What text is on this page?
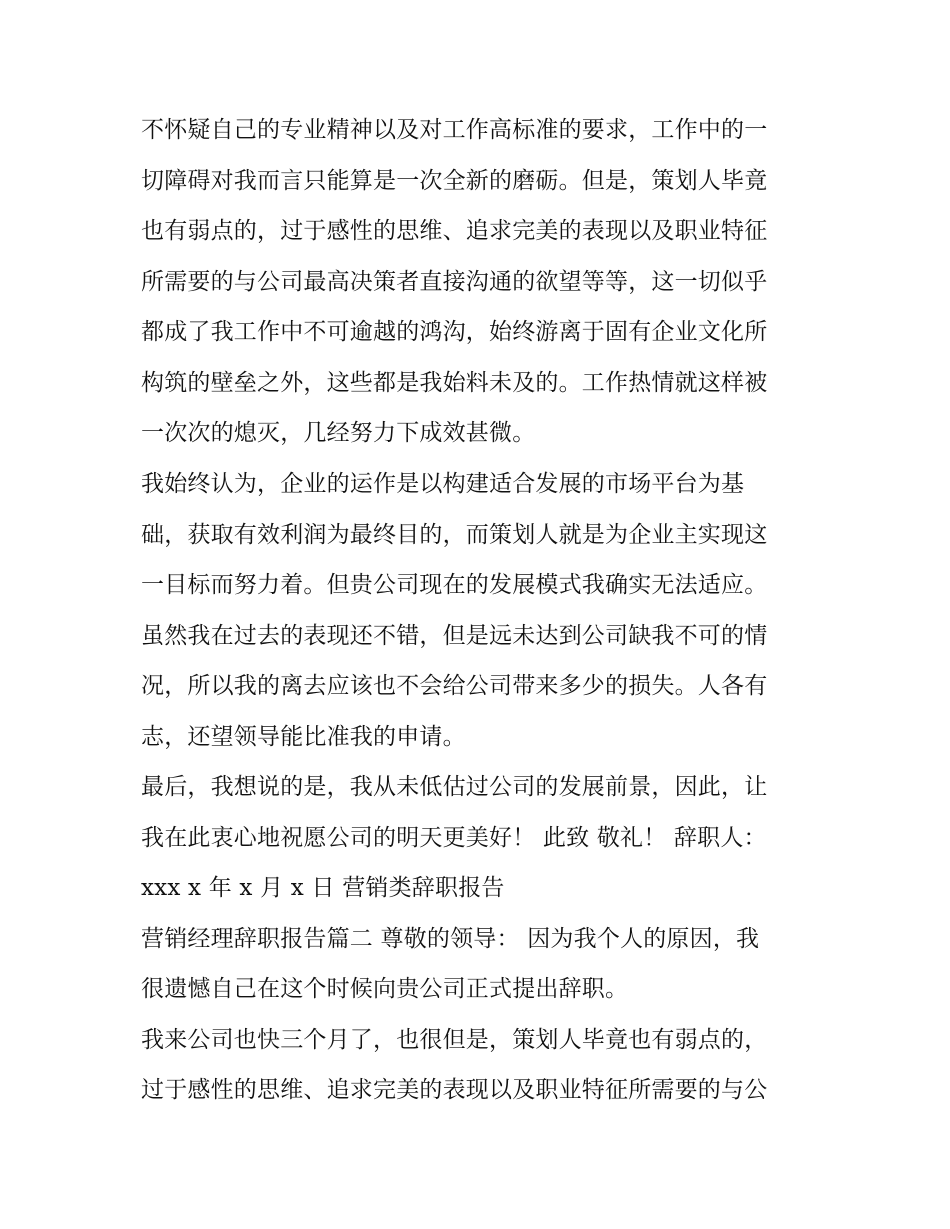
不怀疑自己的专业精神以及对工作高标准的要求，工作中的一
切障碍对我而言只能算是一次全新的磨砺。但是，策划人毕竟
也有弱点的，过于感性的思维、追求完美的表现以及职业特征
所需要的与公司最高决策者直接沟通的欲望等等，这一切似乎
都成了我工作中不可逾越的鸿沟，始终游离于固有企业文化所
构筑的壁垒之外，这些都是我始料未及的。工作热情就这样被
一次次的熄灭，几经努力下成效甚微。
我始终认为，企业的运作是以构建适合发展的市场平台为基
础，获取有效利润为最终目的，而策划人就是为企业主实现这
一目标而努力着。但贵公司现在的发展模式我确实无法适应。
虽然我在过去的表现还不错，但是远未达到公司缺我不可的情
况，所以我的离去应该也不会给公司带来多少的损失。人各有
志，还望领导能比准我的申请。
最后，我想说的是，我从未低估过公司的发展前景，因此，让
我在此衷心地祝愿公司的明天更美好！ 此致 敬礼！ 辞职人：
xxx x 年 x 月 x 日 营销类辞职报告
营销经理辞职报告篇二 尊敬的领导： 因为我个人的原因，我
很遗憾自己在这个时候向贵公司正式提出辞职。
我来公司也快三个月了，也很但是，策划人毕竟也有弱点的，
过于感性的思维、追求完美的表现以及职业特征所需要的与公
